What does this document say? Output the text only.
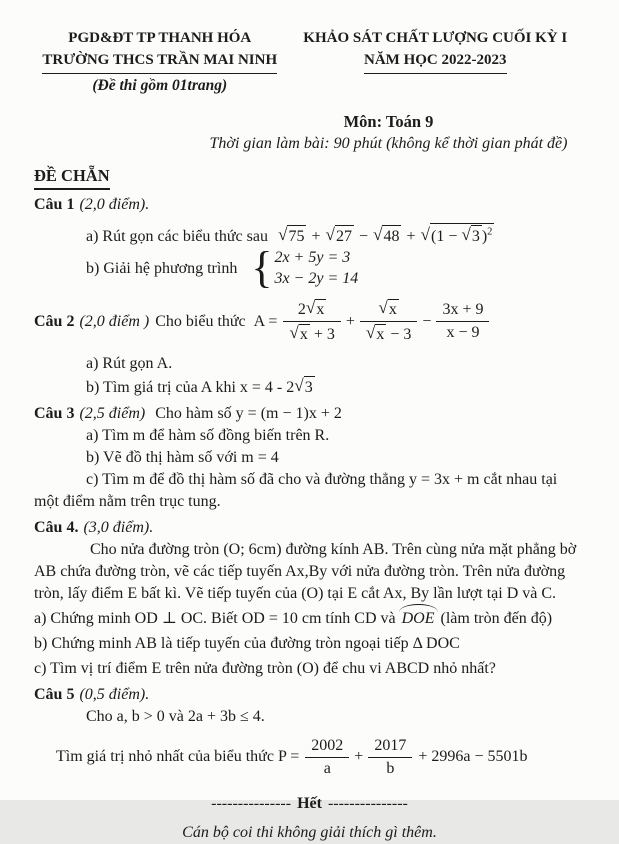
PGD&ĐT TP THANH HÓA
TRƯỜNG THCS TRẦN MAI NINH
(Đề thi gồm 01trang)
KHẢO SÁT CHẤT LƯỢNG CUỐI KỲ I
NĂM HỌC 2022-2023
Môn: Toán 9
Thời gian làm bài: 90 phút (không kể thời gian phát đề)
ĐỀ CHẴN
Câu 1 (2,0 điểm).
a) Rút gọn các biểu thức sau √75 + √27 − √48 + √(1 − √3 )$^2$
b) Giải hệ phương trình { 2x + 5y = 3
3x − 2y = 14
Câu 2 (2,0 điểm ) Cho biểu thức $A = \frac{2√x}{√x + 3} + \frac{√x}{√x - 3} - \frac{3x + 9}{x - 9}$
a) Rút gọn A.
b) Tìm giá trị của A khi x = 4 - 2√3
Câu 3 (2,5 điểm) Cho hàm số y = (m − 1)x + 2
a) Tìm m để hàm số đồng biến trên R.
b) Vẽ đồ thị hàm số với m = 4
c) Tìm m để đồ thị hàm số đã cho và đường thẳng y = 3x + m cắt nhau tại một điểm nằm trên trục tung.
Câu 4. (3,0 điểm).
Cho nửa đường tròn (O; 6cm) đường kính AB. Trên cùng nửa mặt phẳng bờ AB chứa đường tròn, vẽ các tiếp tuyến Ax,By với nửa đường tròn. Trên nửa đường tròn, lấy điểm E bất kì. Vẽ tiếp tuyến của (O) tại E cắt Ax, By lần lượt tại D và C.
a) Chứng minh OD ⊥ OC. Biết OD = 10 cm tính CD và DOE (làm tròn đến độ)
b) Chứng minh AB là tiếp tuyến của đường tròn ngoại tiếp Δ DOC
c) Tìm vị trí điểm E trên nửa đường tròn (O) để chu vi ABCD nhỏ nhất?
Câu 5 (0,5 điểm).
Cho a, b > 0 và 2a + 3b ≤ 4.
Tìm giá trị nhỏ nhất của biểu thức $P = \frac{2002}{a} + \frac{2017}{b} + 2996a - 5501b$
--------------- Hết ---------------
Cán bộ coi thi không giải thích gì thêm.
